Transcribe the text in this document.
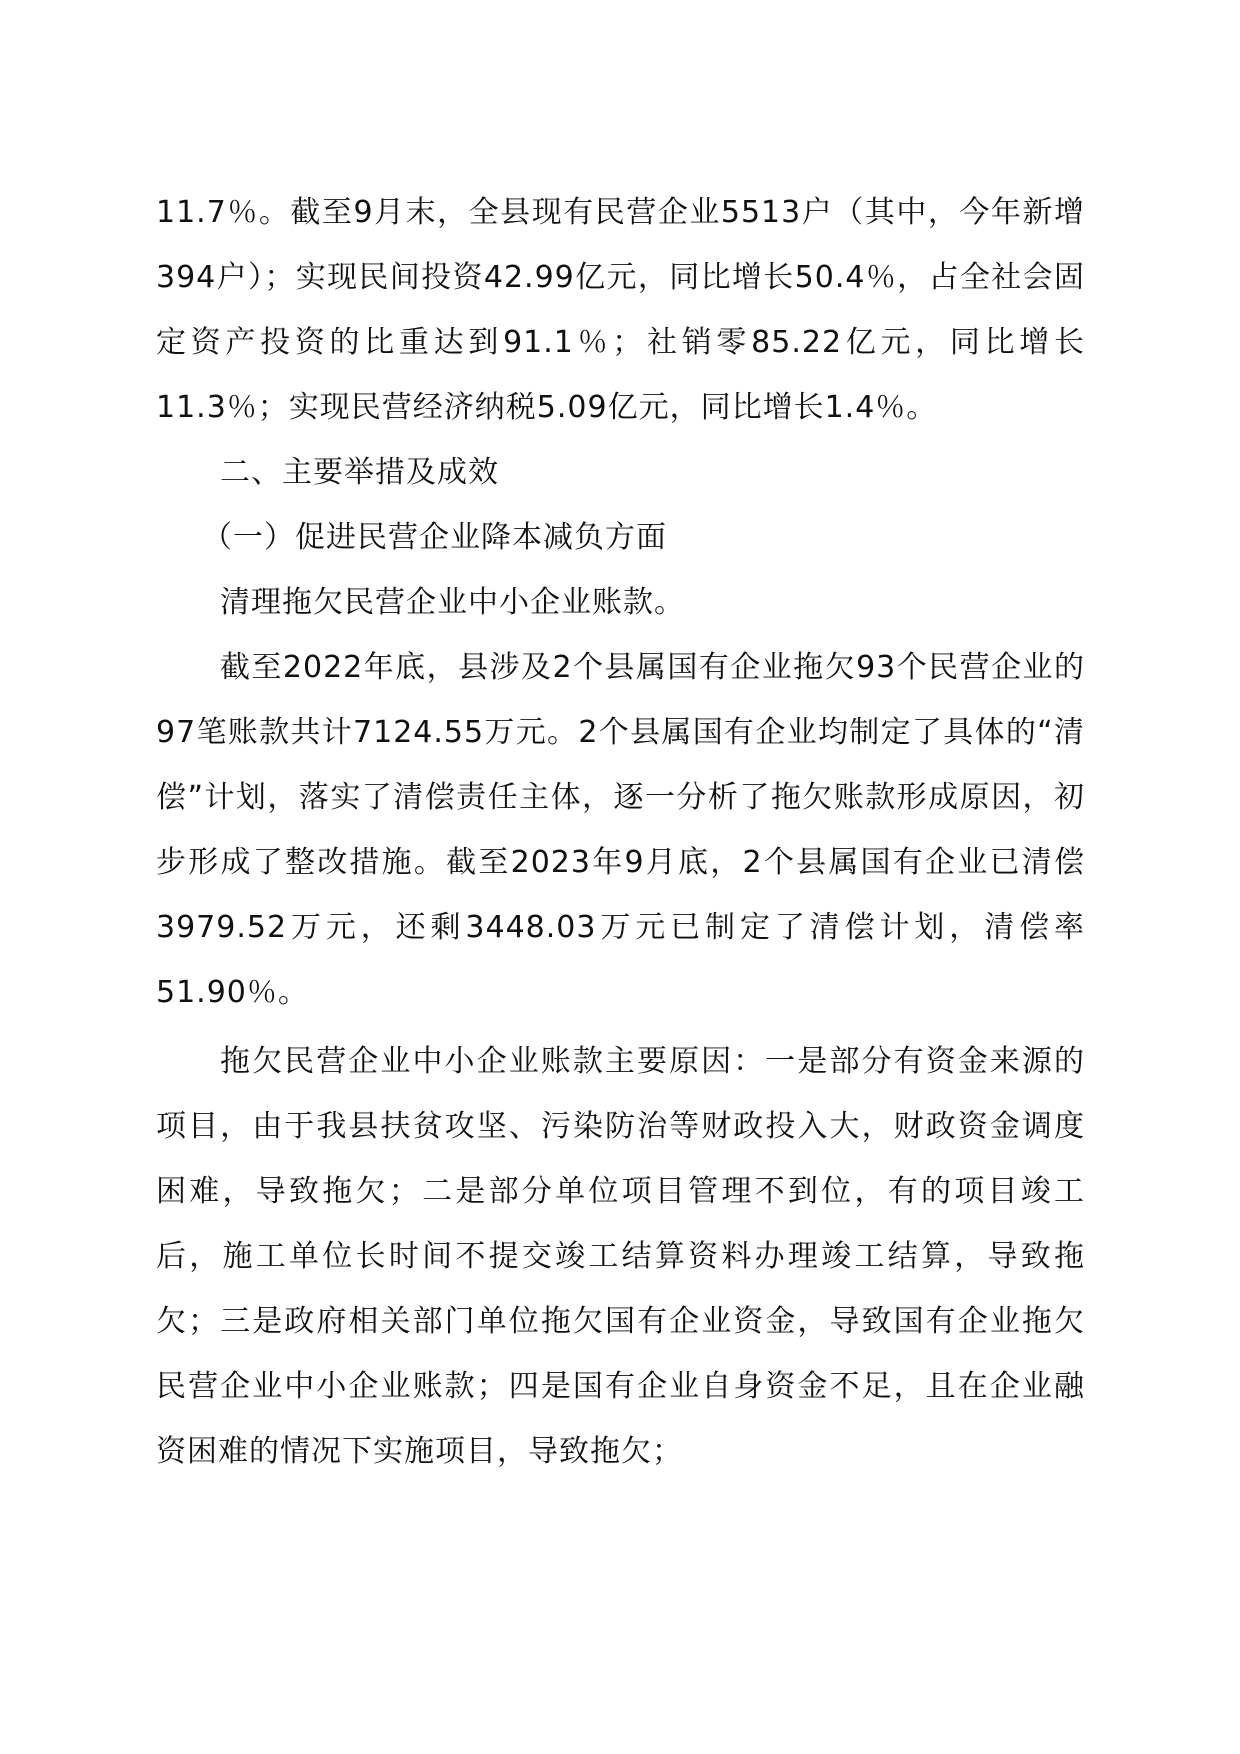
11.7％。截至9月末，全县现有民营企业5513户（其中，今年新增394户）；实现民间投资42.99亿元，同比增长50.4％，占全社会固定资产投资的比重达到91.1％；社销零85.22亿元，同比增长11.3％；实现民营经济纳税5.09亿元，同比增长1.4％。

二、主要举措及成效
（一）促进民营企业降本减负方面

清理拖欠民营企业中小企业账款。

截至2022年底，县涉及2个县属国有企业拖欠93个民营企业的97笔账款共计7124.55万元。2个县属国有企业均制定了具体的“清偿”计划，落实了清偿责任主体，逐一分析了拖欠账款形成原因，初步形成了整改措施。截至2023年9月底，2个县属国有企业已清偿3979.52万元，还剩3448.03万元已制定了清偿计划，清偿率51.90％。

拖欠民营企业中小企业账款主要原因：一是部分有资金来源的项目，由于我县扶贫攻坚、污染防治等财政投入大，财政资金调度困难，导致拖欠；二是部分单位项目管理不到位，有的项目竣工后，施工单位长时间不提交竣工结算资料办理竣工结算，导致拖欠；三是政府相关部门单位拖欠国有企业资金，导致国有企业拖欠民营企业中小企业账款；四是国有企业自身资金不足，且在企业融资困难的情况下实施项目，导致拖欠；
